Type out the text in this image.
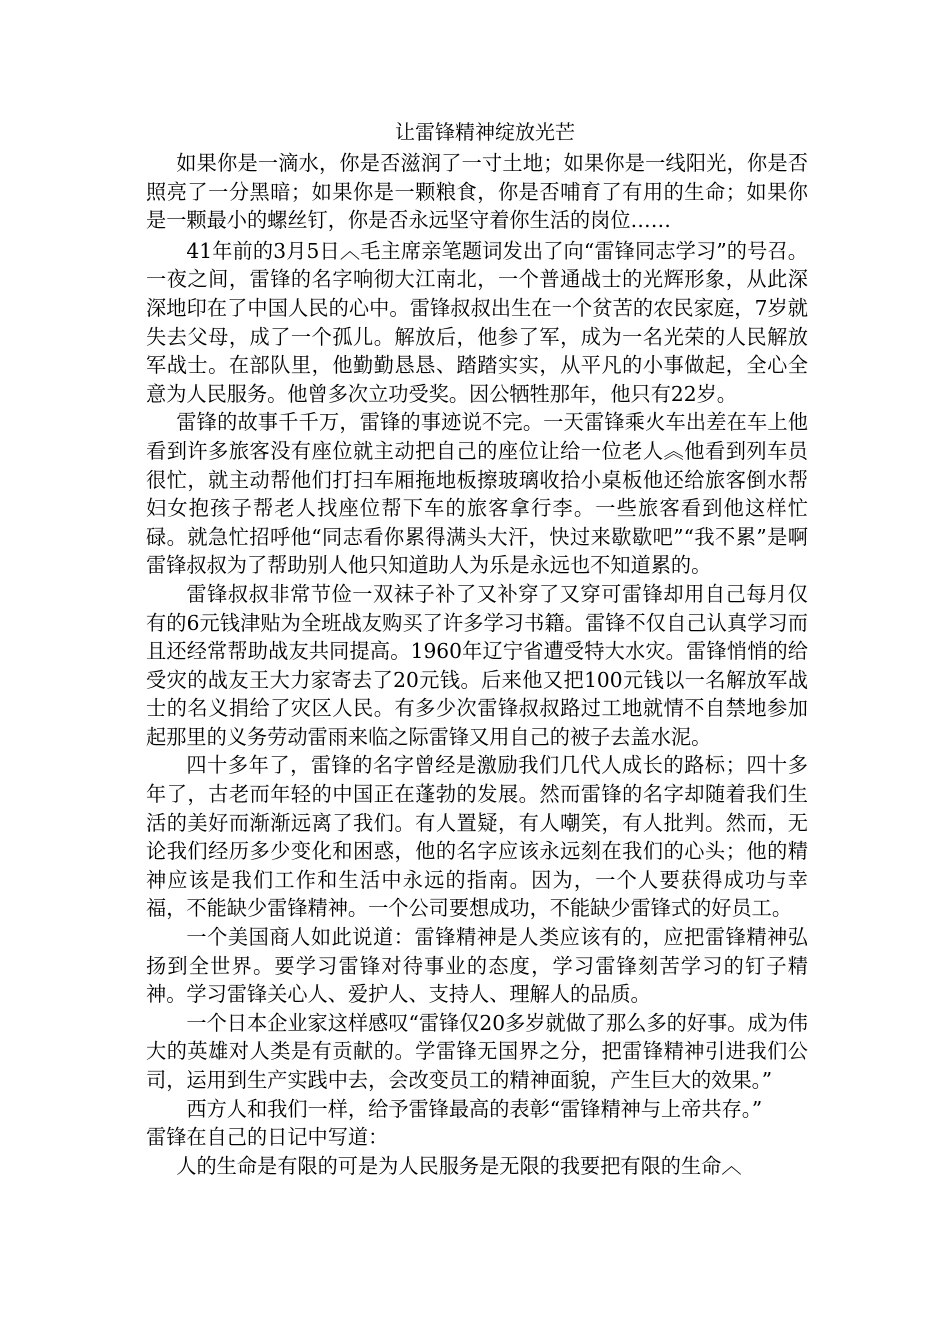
让雷锋精神绽放光芒

如果你是一滴水，你是否滋润了一寸土地；如果你是一线阳光，你是否照亮了一分黑暗；如果你是一颗粮食，你是否哺育了有用的生命；如果你是一颗最小的螺丝钉，你是否永远坚守着你生活的岗位……

41年前的3月5日︿毛主席亲笔题词发出了向“雷锋同志学习”的号召。一夜之间，雷锋的名字响彻大江南北，一个普通战士的光辉形象，从此深深地印在了中国人民的心中。雷锋叔叔出生在一个贫苦的农民家庭，7岁就失去父母，成了一个孤儿。解放后，他参了军，成为一名光荣的人民解放军战士。在部队里，他勤勤恳恳、踏踏实实，从平凡的小事做起，全心全意为人民服务。他曾多次立功受奖。因公牺牲那年，他只有22岁。

雷锋的故事千千万，雷锋的事迹说不完。一天雷锋乘火车出差在车上他看到许多旅客没有座位就主动把自己的座位让给一位老人︽他看到列车员很忙，就主动帮他们打扫车厢拖地板擦玻璃收拾小桌板他还给旅客倒水帮妇女抱孩子帮老人找座位帮下车的旅客拿行李。一些旅客看到他这样忙碌。就急忙招呼他“同志看你累得满头大汗，快过来歇歇吧”“我不累”是啊雷锋叔叔为了帮助别人他只知道助人为乐是永远也不知道累的。

雷锋叔叔非常节俭一双袜子补了又补穿了又穿可雷锋却用自己每月仅有的6元钱津贴为全班战友购买了许多学习书籍。雷锋不仅自己认真学习而且还经常帮助战友共同提高。1960年辽宁省遭受特大水灾。雷锋悄悄的给受灾的战友王大力家寄去了20元钱。后来他又把100元钱以一名解放军战士的名义捐给了灾区人民。有多少次雷锋叔叔路过工地就情不自禁地参加起那里的义务劳动雷雨来临之际雷锋又用自己的被子去盖水泥。

四十多年了，雷锋的名字曾经是激励我们几代人成长的路标；四十多年了，古老而年轻的中国正在蓬勃的发展。然而雷锋的名字却随着我们生活的美好而渐渐远离了我们。有人置疑，有人嘲笑，有人批判。然而，无论我们经历多少变化和困惑，他的名字应该永远刻在我们的心头；他的精神应该是我们工作和生活中永远的指南。因为，一个人要获得成功与幸福，不能缺少雷锋精神。一个公司要想成功，不能缺少雷锋式的好员工。

一个美国商人如此说道：雷锋精神是人类应该有的，应把雷锋精神弘扬到全世界。要学习雷锋对待事业的态度，学习雷锋刻苦学习的钉子精神。学习雷锋关心人、爱护人、支持人、理解人的品质。

一个日本企业家这样感叹“雷锋仅20多岁就做了那么多的好事。成为伟大的英雄对人类是有贡献的。学雷锋无国界之分，把雷锋精神引进我们公司，运用到生产实践中去，会改变员工的精神面貌，产生巨大的效果。”

西方人和我们一样，给予雷锋最高的表彰“雷锋精神与上帝共存。”

雷锋在自己的日记中写道：

人的生命是有限的可是为人民服务是无限的我要把有限的生命︿
